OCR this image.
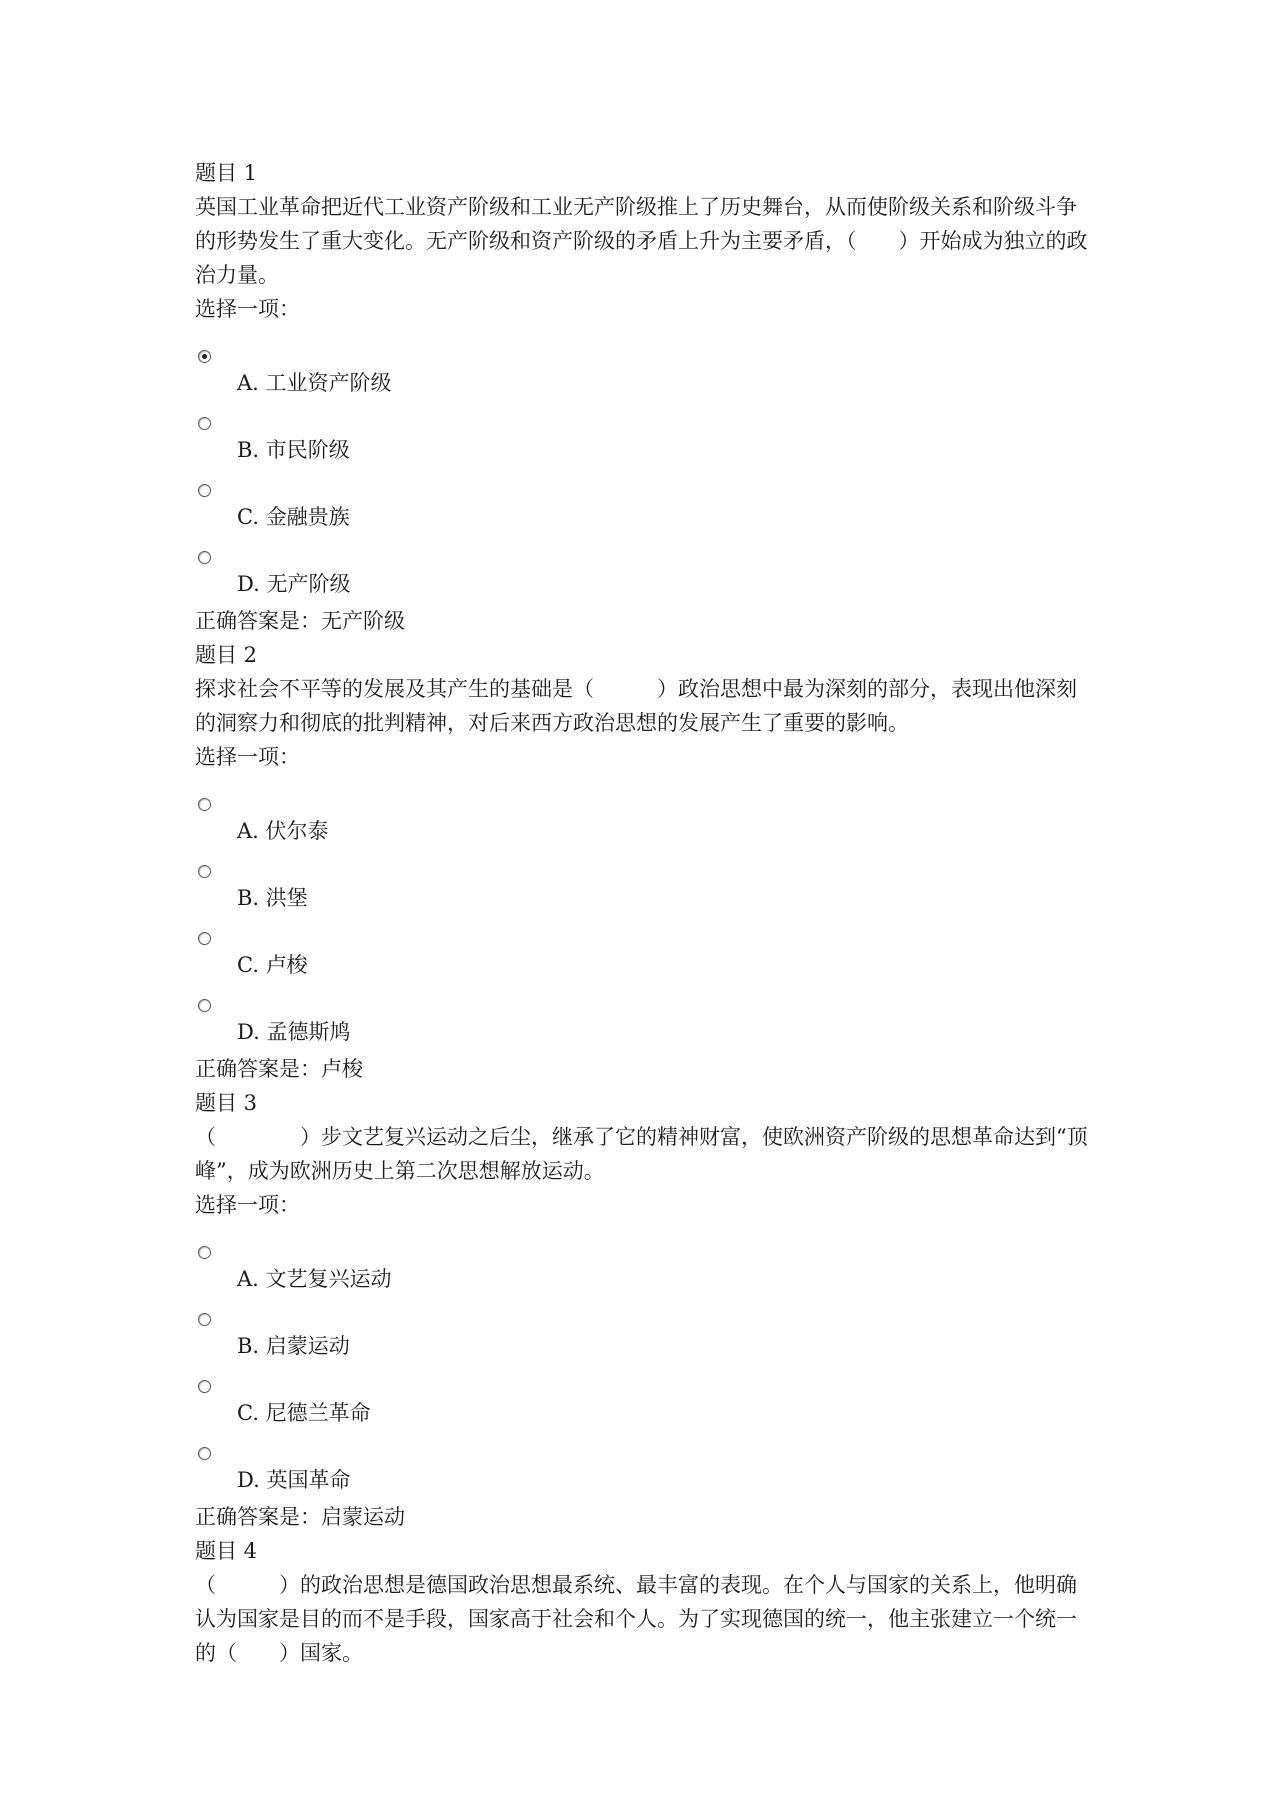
题目 1

英国工业革命把近代工业资产阶级和工业无产阶级推上了历史舞台，从而使阶级关系和阶级斗争的形势发生了重大变化。无产阶级和资产阶级的矛盾上升为主要矛盾，（　　）开始成为独立的政治力量。

选择一项：
A. 工业资产阶级
B. 市民阶级
C. 金融贵族
D. 无产阶级
正确答案是：无产阶级
题目 2

探求社会不平等的发展及其产生的基础是（　　　）政治思想中最为深刻的部分，表现出他深刻的洞察力和彻底的批判精神，对后来西方政治思想的发展产生了重要的影响。

选择一项：
A. 伏尔泰
B. 洪堡
C. 卢梭
D. 孟德斯鸠
正确答案是：卢梭
题目 3

（　　　　）步文艺复兴运动之后尘，继承了它的精神财富，使欧洲资产阶级的思想革命达到“顶峰”，成为欧洲历史上第二次思想解放运动。

选择一项：
A. 文艺复兴运动
B. 启蒙运动
C. 尼德兰革命
D. 英国革命
正确答案是：启蒙运动
题目 4

（　　　）的政治思想是德国政治思想最系统、最丰富的表现。在个人与国家的关系上，他明确认为国家是目的而不是手段，国家高于社会和个人。为了实现德国的统一，他主张建立一个统一的（　　）国家。
